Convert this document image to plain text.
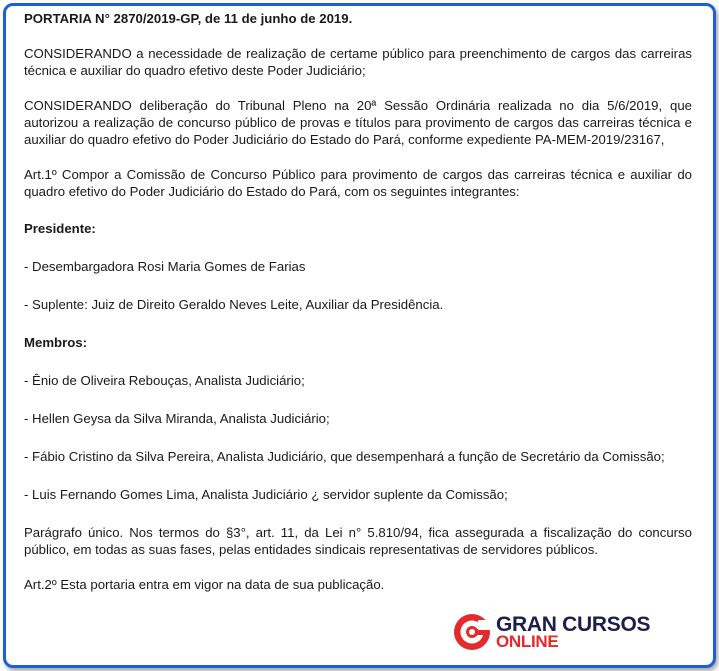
PORTARIA N° 2870/2019-GP, de 11 de junho de 2019.

CONSIDERANDO a necessidade de realização de certame público para preenchimento de cargos das carreiras técnica e auxiliar do quadro efetivo deste Poder Judiciário;

CONSIDERANDO deliberação do Tribunal Pleno na 20ª Sessão Ordinária realizada no dia 5/6/2019, que autorizou a realização de concurso público de provas e títulos para provimento de cargos das carreiras técnica e auxiliar do quadro efetivo do Poder Judiciário do Estado do Pará, conforme expediente PA-MEM-2019/23167,

Art.1º Compor a Comissão de Concurso Público para provimento de cargos das carreiras técnica e auxiliar do quadro efetivo do Poder Judiciário do Estado do Pará, com os seguintes integrantes:

Presidente:

- Desembargadora Rosi Maria Gomes de Farias

- Suplente: Juiz de Direito Geraldo Neves Leite, Auxiliar da Presidência.

Membros:

- Ênio de Oliveira Rebouças, Analista Judiciário;

- Hellen Geysa da Silva Miranda, Analista Judiciário;

- Fábio Cristino da Silva Pereira, Analista Judiciário, que desempenhará a função de Secretário da Comissão;

- Luis Fernando Gomes Lima, Analista Judiciário ¿ servidor suplente da Comissão;

Parágrafo único. Nos termos do §3°, art. 11, da Lei n° 5.810/94, fica assegurada a fiscalização do concurso público, em todas as suas fases, pelas entidades sindicais representativas de servidores públicos.

Art.2º Esta portaria entra em vigor na data de sua publicação.

GRAN CURSOS
ONLINE
